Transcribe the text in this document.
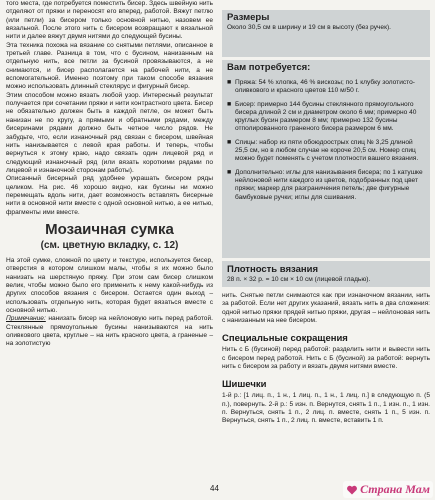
того места, где потребуется поместить бисер. Здесь швейную нить отделяют от пряжи и переносят его вперед, работой. Вяжут петлю (или петли) за бисером только основной нитью, назовем ее вязальной. После этого нить с бисером возвращают к вязальной нити и далее вяжут двумя нитями до следующей бусины.

Эта техника похожа на вязание со снятыми петлями, описанное в третьей главе. Разница в том, что с бусином, нанизанным на отдельную нить, все петли за бусиной провязываются, а не снимаются, и бисер располагается на рабочей нити, а не вспомогательной. Именно поэтому при таком способе вязания можно использовать длинный стеклярус и фигурный бисер.

Этим способом можно вязать любой узор. Интересный результат получается при сочетании пряжи и нити контрастного цвета. Бисер не обязательно должен быть в каждой петле, он может быть нанизан не по кругу, а прямыми и обратными рядами, между бисеринами рядами должно быть четное число рядов. Не забудьте, что, если изнаночный ряд связан с бисером, швейная нить нанизывается с левой края работы. И теперь, чтобы вернуться к этому краю, надо связать один лицевой ряд и следующий изнаночный ряд (или вязать короткими рядами по лицевой и изнаночной сторонам работы).

Описанный бисерный ряд удобнее украшать бисером ряды целиком. На рис. 46 хорошо видно, как бусины ни можно перемещать вдоль нити, дает возможность вставлять бисерные нити в основной нити вместе с одной основной нитью, а ее нитью, фрагменты ими вместе.

Мозаичная сумка
(см. цветную вкладку, с. 12)

На этой сумке, сложной по цвету и текстуре, используется бисер, отверстия в котором слишком малы, чтобы я их можно было нанизать на шерстяную пряжу. При этом сам бисер слишком велик, чтобы можно было его применить к нему какой-нибудь из других способов вязания с бисером. Остается один выход – использовать отдельную нить, которая будет вязаться вместе с основной нитью.

Примечание: нанизать бисер на нейлоновую нить перед работой. Стеклянные прямоугольные бусины нанизываются на нить оливкового цвета, круглые – на нить красного цвета, а граненые – на золотистую

Размеры

Около 30,5 см в ширину и 19 см в высоту (без ручек).

Вам потребуется:
■ Пряжа: 54 % хлопка, 46 % вискозы; по 1 клубку золотисто-оливкового и красного цветов 110 м/50 г.
■ Бисер: примерно 144 бусины стеклянного прямоугольного бисера длиной 2 см и диаметром около 6 мм; примерно 40 круглых бусин размером 8 мм; примерно 132 бусины отполированного граненого бисера размером 6 мм.
■ Спицы: набор из пяти обоюдоострых спиц № 3,25 длиной 25,5 см, но в любом случае не короче 20,5 см. Номер спиц можно будет поменять с учетом плотности вашего вязания.
■ Дополнительно: иглы для нанизывания бисера; по 1 катушке нейлоновой нити каждого из цветов, подобранных под цвет пряжи; маркер для разграничения петель; две фигурные бамбуковые ручки; иглы для сшивания.
Плотность вязания

28 п. × 32 р. = 10 см × 10 см (лицевой гладью).

нить. Снятые петли снимаются как при изнаночном вязании, нить за работой. Если нет других указаний, вязать нить в два сложения: одной нитью пряжи прядей нитью пряжи, другая – нейлоновая нить с нанизанным на нее бисером.

Специальные сокращения

Нить с Б (бусиной) перед работой: разделить нити и вывести нить с бисером перед работой. Нить с Б (бусиной) за работой: вернуть нить с бисером за работу и вязать двумя нитями вместе.

Шишечки

1-й р.: [1 лиц. п., 1 н., 1 лиц. п., 1 н., 1 лиц. п.] в следующую п. (5 п.), повернуть. 2-й р.: 5 изн. п. Вернутся, снять 1 п., 1 изн. п., 1 изн. п. Вернуться, снять 1 п., 2 лиц. п. вместе, снять 1 п., 5 изн. п. Вернуться, снять 1 п., 2 лиц. п. вместе, вставить 1 п.

44	Страна Мам
